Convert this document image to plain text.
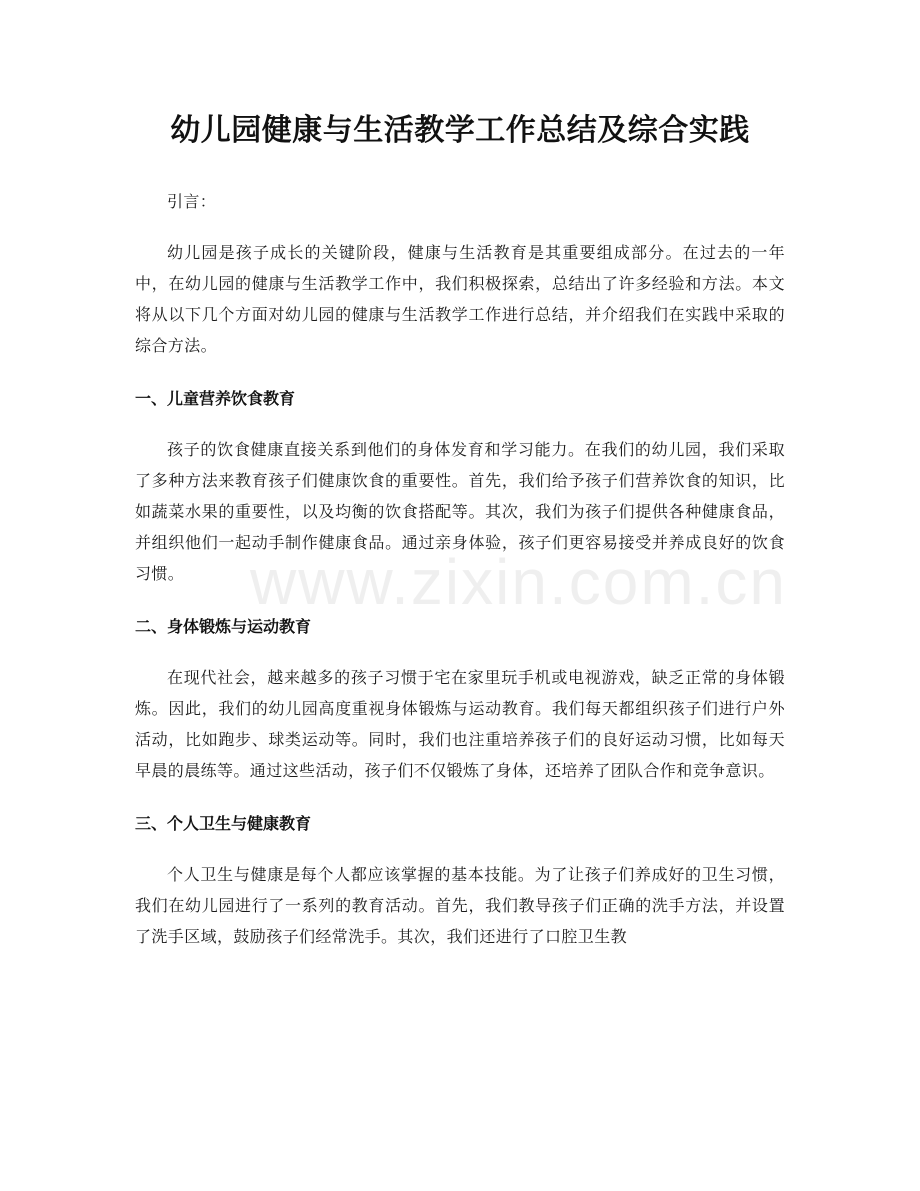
幼儿园健康与生活教学工作总结及综合实践

引言：

幼儿园是孩子成长的关键阶段，健康与生活教育是其重要组成部分。在过去的一年中，在幼儿园的健康与生活教学工作中，我们积极探索，总结出了许多经验和方法。本文将从以下几个方面对幼儿园的健康与生活教学工作进行总结，并介绍我们在实践中采取的综合方法。

一、儿童营养饮食教育

孩子的饮食健康直接关系到他们的身体发育和学习能力。在我们的幼儿园，我们采取了多种方法来教育孩子们健康饮食的重要性。首先，我们给予孩子们营养饮食的知识，比如蔬菜水果的重要性，以及均衡的饮食搭配等。其次，我们为孩子们提供各种健康食品，并组织他们一起动手制作健康食品。通过亲身体验，孩子们更容易接受并养成良好的饮食习惯。

二、身体锻炼与运动教育

在现代社会，越来越多的孩子习惯于宅在家里玩手机或电视游戏，缺乏正常的身体锻炼。因此，我们的幼儿园高度重视身体锻炼与运动教育。我们每天都组织孩子们进行户外活动，比如跑步、球类运动等。同时，我们也注重培养孩子们的良好运动习惯，比如每天早晨的晨练等。通过这些活动，孩子们不仅锻炼了身体，还培养了团队合作和竞争意识。

三、个人卫生与健康教育

个人卫生与健康是每个人都应该掌握的基本技能。为了让孩子们养成好的卫生习惯，我们在幼儿园进行了一系列的教育活动。首先，我们教导孩子们正确的洗手方法，并设置了洗手区域，鼓励孩子们经常洗手。其次，我们还进行了口腔卫生教

www.zixin.com.cn
